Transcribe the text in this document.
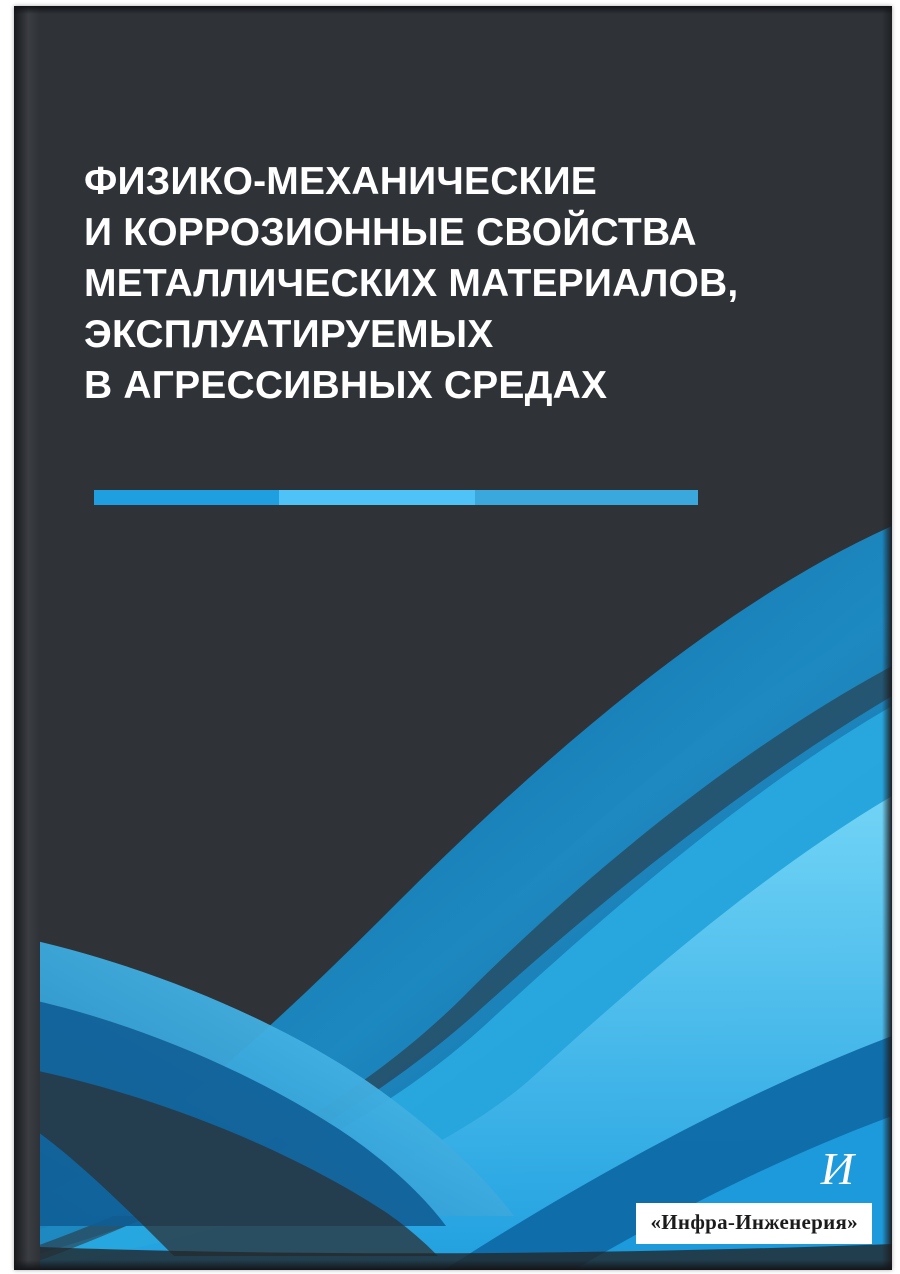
ФИЗИКО-МЕХАНИЧЕСКИЕ
И КОРРОЗИОННЫЕ СВОЙСТВА
МЕТАЛЛИЧЕСКИХ МАТЕРИАЛОВ,
ЭКСПЛУАТИРУЕМЫХ
В АГРЕССИВНЫХ СРЕДАХ
И
«Инфра-Инженерия»
